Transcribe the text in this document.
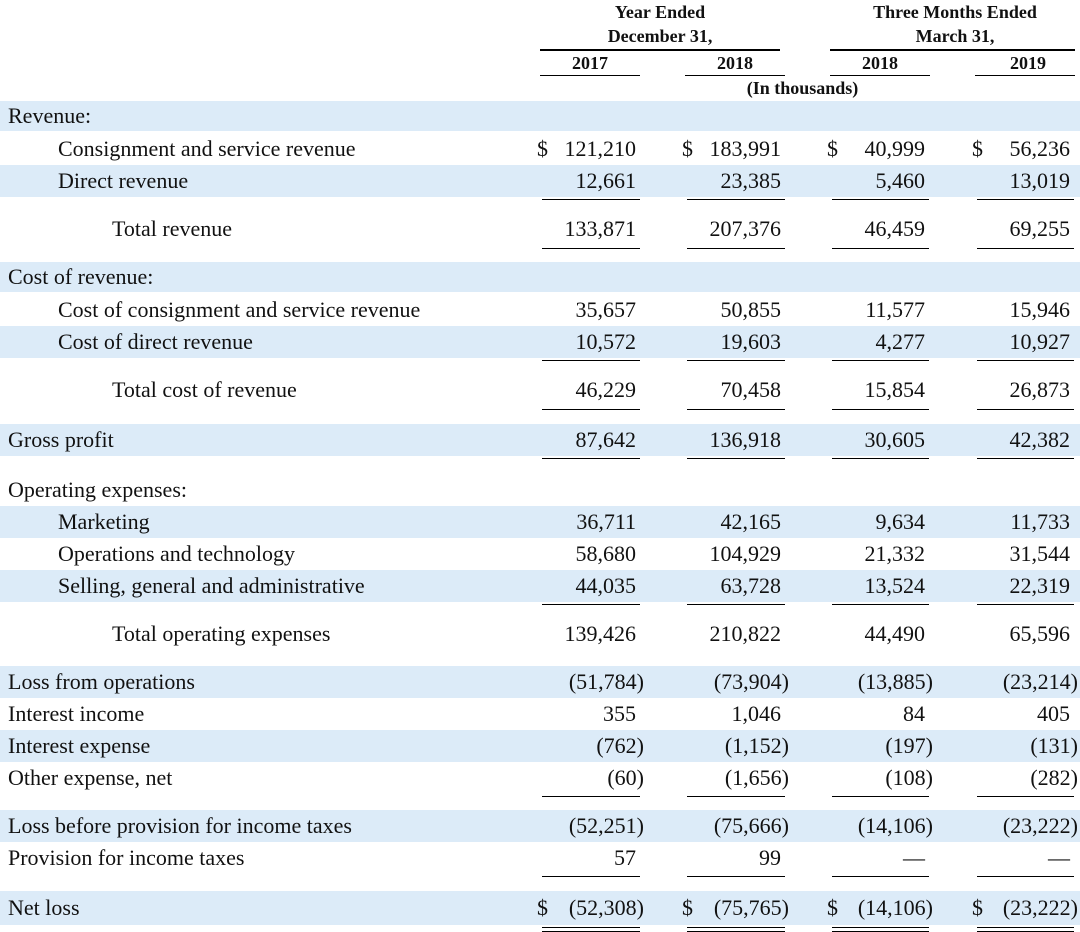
Year Ended
December 31,
Three Months Ended
March 31,
2017	2018	2018	2019
(In thousands)
Revenue:
Consignment and service revenue	$ 121,210 $ 183,991 $ 40,999 $ 56,236
Direct revenue	12,661	23,385	5,460	13,019
Total revenue	133,871	207,376	46,459	69,255
Cost of revenue:
Cost of consignment and service revenue	35,657	50,855	11,577	15,946
Cost of direct revenue	10,572	19,603	4,277	10,927
Total cost of revenue	46,229	70,458	15,854	26,873
Gross profit	87,642	136,918	30,605	42,382
Operating expenses:
Marketing	36,711	42,165	9,634	11,733
Operations and technology	58,680	104,929	21,332	31,544
Selling, general and administrative	44,035	63,728	13,524	22,319
Total operating expenses	139,426	210,822	44,490	65,596
Loss from operations	(51,784)	(73,904)	(13,885)	(23,214)
Interest income	355	1,046	84	405
Interest expense	(762)	(1,152)	(197)	(131)
Other expense, net	(60)	(1,656)	(108)	(282)
Loss before provision for income taxes	(52,251)	(75,666)	(14,106)	(23,222)
Provision for income taxes	57	99	—	—
Net loss	$ (52,308) $ (75,765) $ (14,106) $ (23,222)
